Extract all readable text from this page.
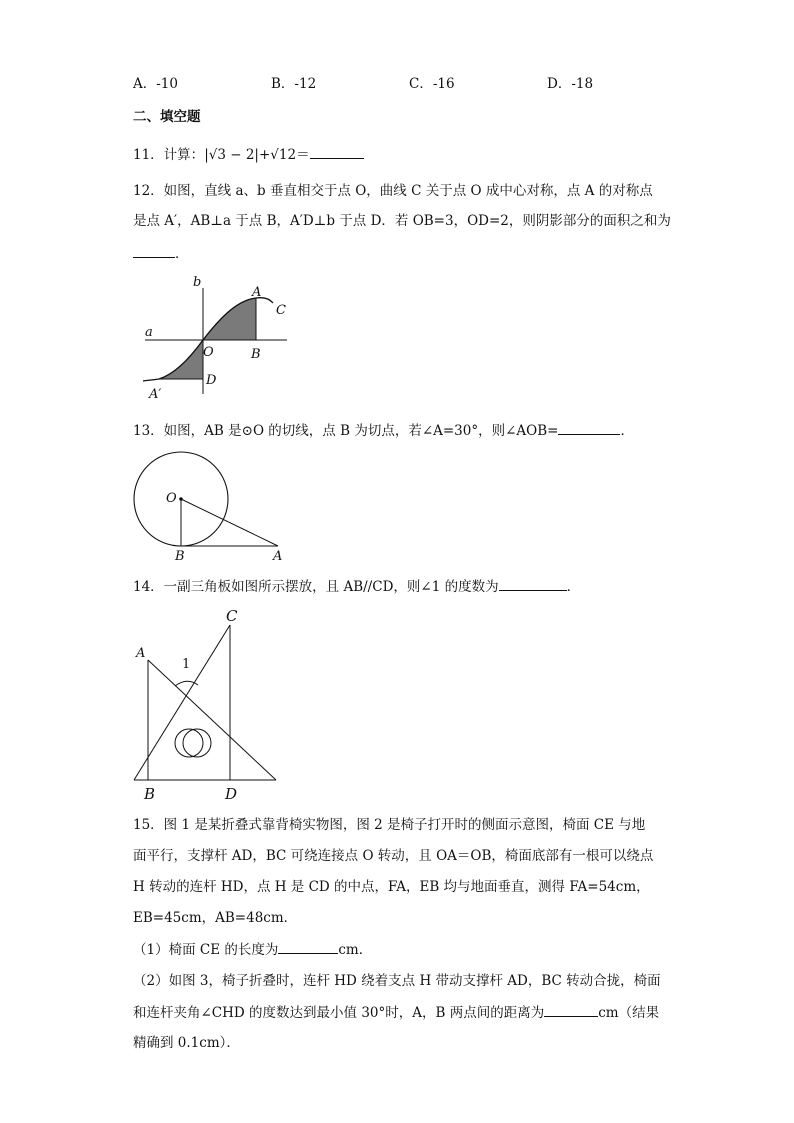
A．-10	B．-12	C．-16	D．-18
二、填空题
11．计算：|√3 − 2|+√12＝
12．如图，直线 a、b 垂直相交于点 O，曲线 C 关于点 O 成中心对称，点 A 的对称点
是点 A′，AB⊥a 于点 B，A′D⊥b 于点 D．若 OB=3，OD=2，则阴影部分的面积之和为
．
b
a
A
C
O	B
D
A′
13．如图，AB 是⊙O 的切线，点 B 为切点，若∠A=30°，则∠AOB=	．
O
B	A
14．一副三角板如图所示摆放，且 AB//CD，则∠1 的度数为	．
A
C
1
B	D
15．图 1 是某折叠式靠背椅实物图，图 2 是椅子打开时的侧面示意图，椅面 CE 与地
面平行，支撑杆 AD，BC 可绕连接点 O 转动，且 OA＝OB，椅面底部有一根可以绕点
H 转动的连杆 HD，点 H 是 CD 的中点，FA，EB 均与地面垂直，测得 FA=54cm，
EB=45cm，AB=48cm．
（1）椅面 CE 的长度为	cm．
（2）如图 3，椅子折叠时，连杆 HD 绕着支点 H 带动支撑杆 AD，BC 转动合拢，椅面
和连杆夹角∠CHD 的度数达到最小值 30°时，A，B 两点间的距离为	cm（结果
精确到 0.1cm）．
